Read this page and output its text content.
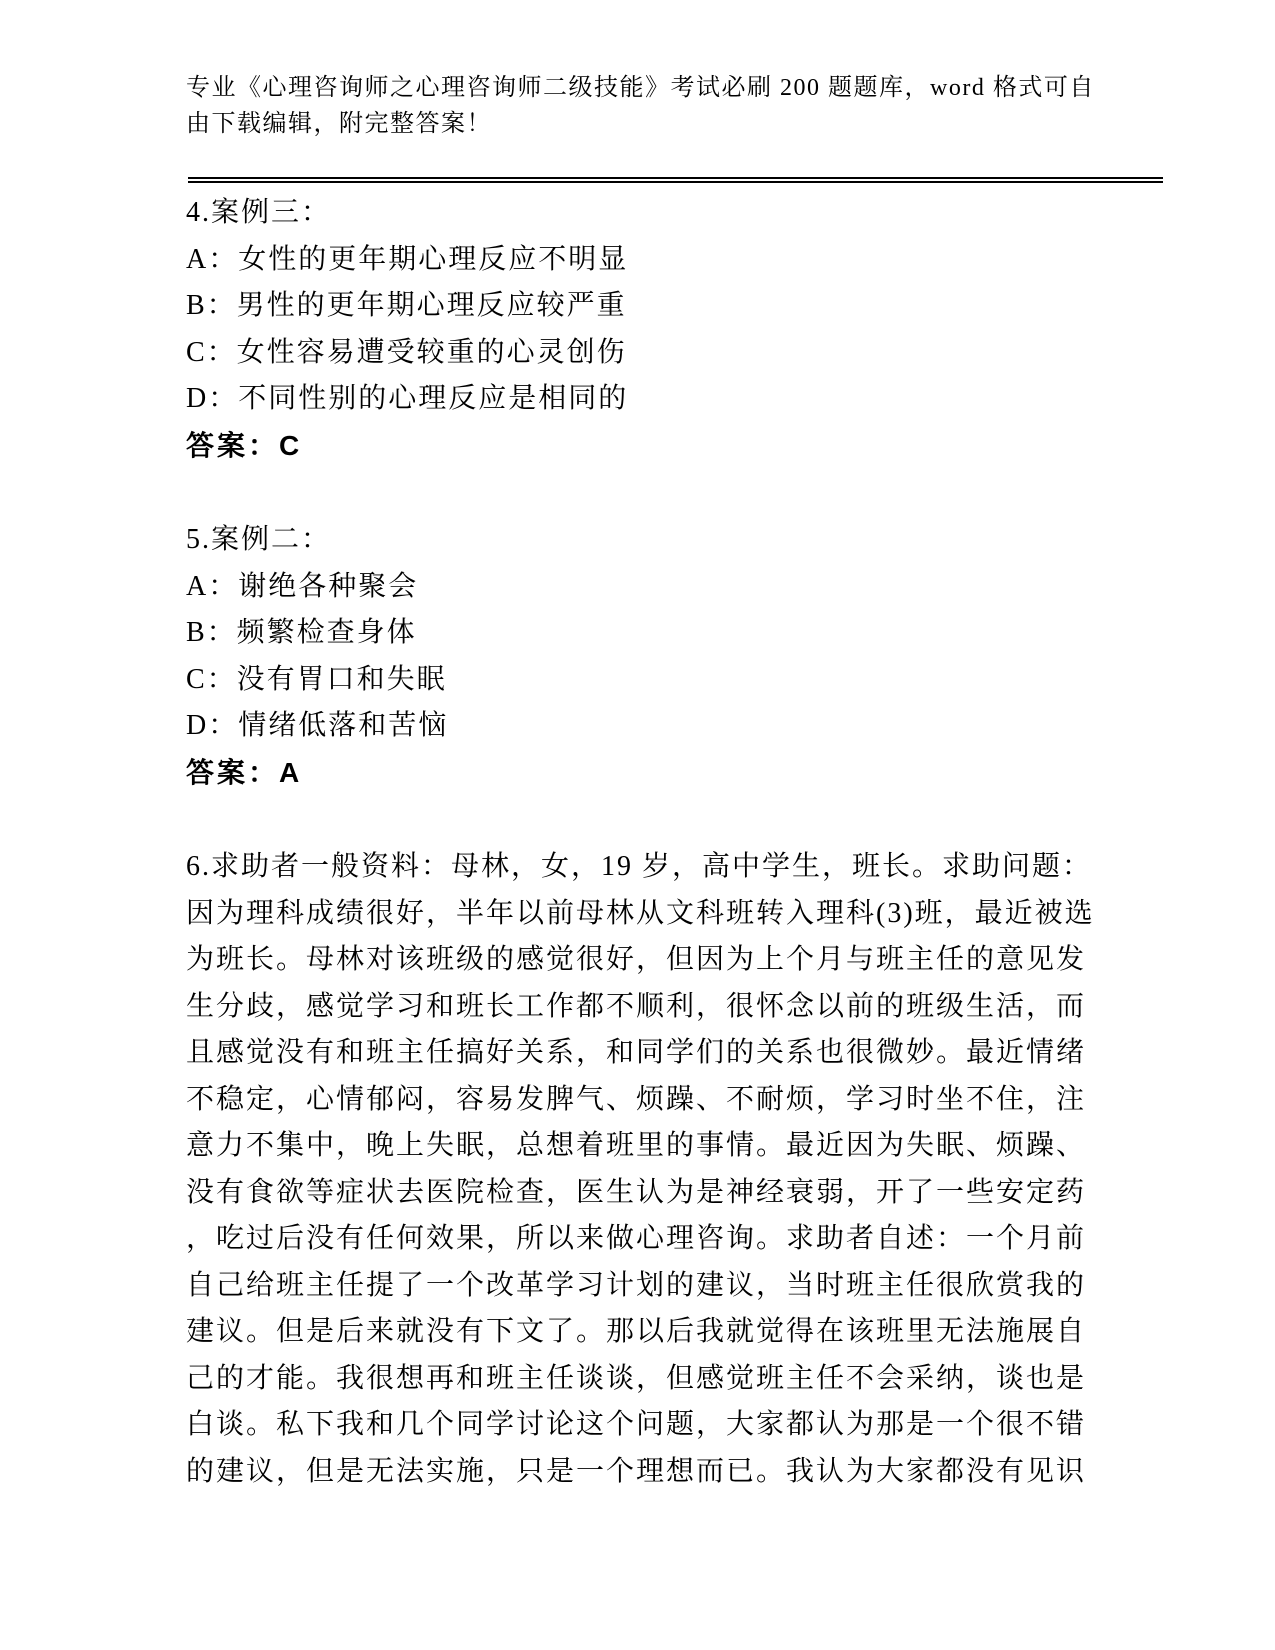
专业《心理咨询师之心理咨询师二级技能》考试必刷 200 题题库，word 格式可自
由下载编辑，附完整答案！
4.案例三：
A：女性的更年期心理反应不明显
B：男性的更年期心理反应较严重
C：女性容易遭受较重的心灵创伤
D：不同性别的心理反应是相同的
答案：C
5.案例二：
A：谢绝各种聚会
B：频繁检查身体
C：没有胃口和失眠
D：情绪低落和苦恼
答案：A
6.求助者一般资料：母林，女，19 岁，高中学生，班长。求助问题：
因为理科成绩很好，半年以前母林从文科班转入理科(3)班，最近被选
为班长。母林对该班级的感觉很好，但因为上个月与班主任的意见发
生分歧，感觉学习和班长工作都不顺利，很怀念以前的班级生活，而
且感觉没有和班主任搞好关系，和同学们的关系也很微妙。最近情绪
不稳定，心情郁闷，容易发脾气、烦躁、不耐烦，学习时坐不住，注
意力不集中，晚上失眠，总想着班里的事情。最近因为失眠、烦躁、
没有食欲等症状去医院检查，医生认为是神经衰弱，开了一些安定药
，吃过后没有任何效果，所以来做心理咨询。求助者自述：一个月前
自己给班主任提了一个改革学习计划的建议，当时班主任很欣赏我的
建议。但是后来就没有下文了。那以后我就觉得在该班里无法施展自
己的才能。我很想再和班主任谈谈，但感觉班主任不会采纳，谈也是
白谈。私下我和几个同学讨论这个问题，大家都认为那是一个很不错
的建议，但是无法实施，只是一个理想而已。我认为大家都没有见识
